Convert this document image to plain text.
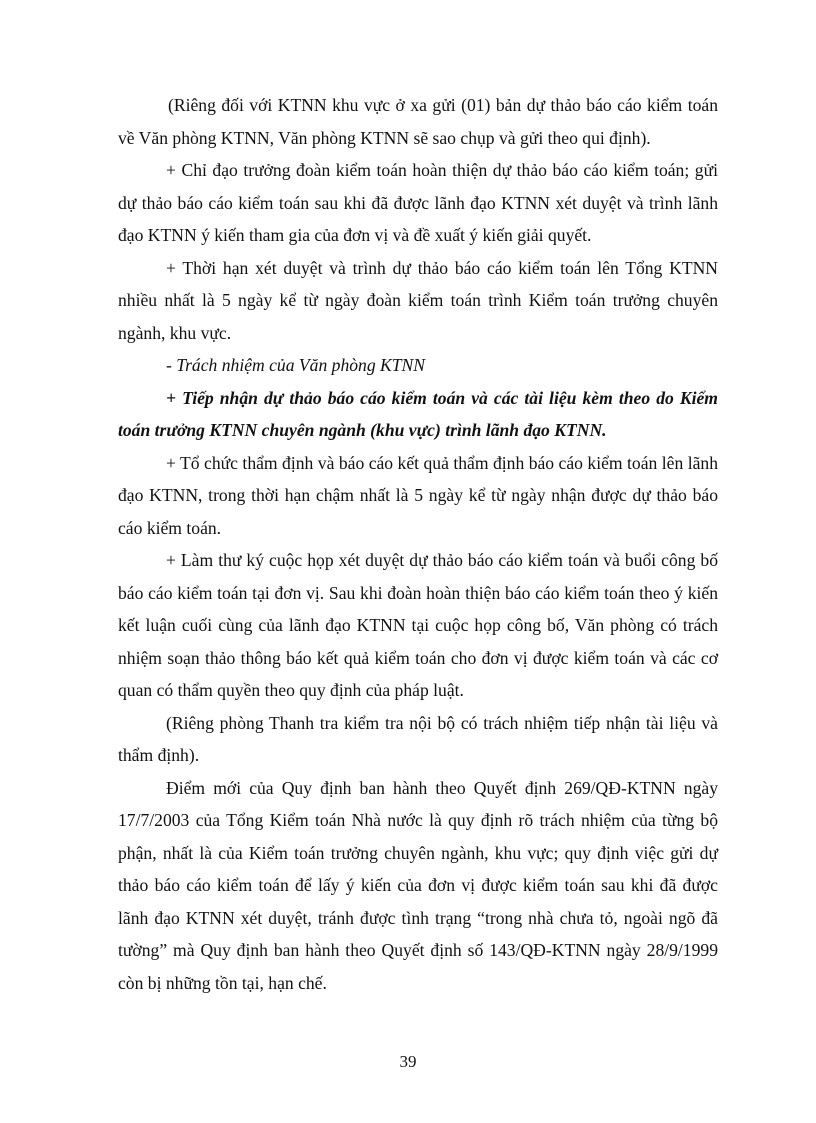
(Riêng đối với KTNN khu vực ở xa gửi (01) bản dự thảo báo cáo kiểm toán về Văn phòng KTNN, Văn phòng KTNN sẽ sao chụp và gửi theo qui định).

+ Chỉ đạo trưởng đoàn kiểm toán hoàn thiện dự thảo báo cáo kiểm toán; gửi dự thảo báo cáo kiểm toán sau khi đã được lãnh đạo KTNN xét duyệt và trình lãnh đạo KTNN ý kiến tham gia của đơn vị và đề xuất ý kiến giải quyết.

+ Thời hạn xét duyệt và trình dự thảo báo cáo kiểm toán lên Tổng KTNN nhiều nhất là 5 ngày kể từ ngày đoàn kiểm toán trình Kiểm toán trưởng chuyên ngành, khu vực.

- Trách nhiệm của Văn phòng KTNN

+ Tiếp nhận dự thảo báo cáo kiểm toán và các tài liệu kèm theo do Kiểm toán trưởng KTNN chuyên ngành (khu vực) trình lãnh đạo KTNN.

+ Tổ chức thẩm định và báo cáo kết quả thẩm định báo cáo kiểm toán lên lãnh đạo KTNN, trong thời hạn chậm nhất là 5 ngày kể từ ngày nhận được dự thảo báo cáo kiểm toán.

+ Làm thư ký cuộc họp xét duyệt dự thảo báo cáo kiểm toán và buổi công bố báo cáo kiểm toán tại đơn vị. Sau khi đoàn hoàn thiện báo cáo kiểm toán theo ý kiến kết luận cuối cùng của lãnh đạo KTNN tại cuộc họp công bố, Văn phòng có trách nhiệm soạn thảo thông báo kết quả kiểm toán cho đơn vị được kiểm toán và các cơ quan có thẩm quyền theo quy định của pháp luật.

(Riêng phòng Thanh tra kiểm tra nội bộ có trách nhiệm tiếp nhận tài liệu và thẩm định).

Điểm mới của Quy định ban hành theo Quyết định 269/QĐ-KTNN ngày 17/7/2003 của Tổng Kiểm toán Nhà nước là quy định rõ trách nhiệm của từng bộ phận, nhất là của Kiểm toán trưởng chuyên ngành, khu vực; quy định việc gửi dự thảo báo cáo kiểm toán để lấy ý kiến của đơn vị được kiểm toán sau khi đã được lãnh đạo KTNN xét duyệt, tránh được tình trạng “trong nhà chưa tỏ, ngoài ngõ đã tường” mà Quy định ban hành theo Quyết định số 143/QĐ-KTNN ngày 28/9/1999 còn bị những tồn tại, hạn chế.

39
